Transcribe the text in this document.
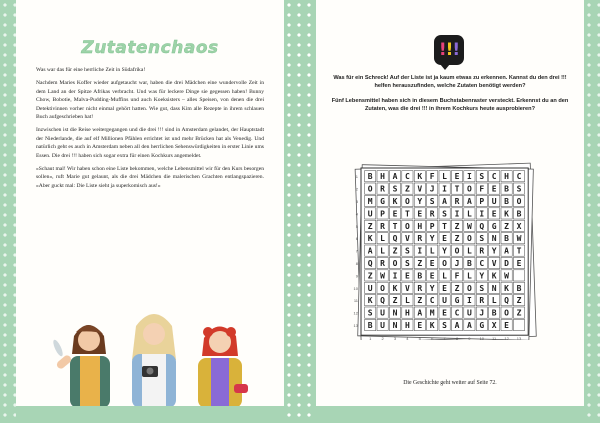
Zutatenchaos

Was war das für eine herrliche Zeit in Südafrika!

Nachdem Maries Koffer wieder aufgetaucht war, haben die drei Mädchen eine wundervolle Zeit in dem Land an der Spitze Afrikas verbracht. Und was für leckere Dinge sie gegessen haben! Bunny Chow, Bobotie, Malva-Pudding-Muffins und auch Koeksisters – alles Speisen, von denen die drei Detektivinnen vorher nicht einmal gehört hatten. Wie gut, dass Kim alle Rezepte in ihrem schlauen Buch aufgeschrieben hat!

Inzwischen ist die Reise weitergegangen und die drei !!! sind in Amsterdam gelandet, der Hauptstadt der Niederlande, die auf elf Millionen Pfählen errichtet ist und mehr Brücken hat als Venedig. Und natürlich geht es auch in Amsterdam neben all den herrlichen Sehenswürdigkeiten in erster Linie ums Essen. Die drei !!! haben sich sogar extra für einen Kochkurs angemeldet.

»Schaut mal! Wir haben schon eine Liste bekommen, welche Lebensmittel wir für den Kurs besorgen sollen«, ruft Marie gut gelaunt, als die drei Mädchen die malerischen Grachten entlangspazieren. »Aber guckt mal: Die Liste sieht ja superkomisch aus!«

!!!

Was für ein Schreck! Auf der Liste ist ja kaum etwas zu erkennen. Kannst du den drei !!! helfen herauszufinden, welche Zutaten benötigt werden?

Fünf Lebensmittel haben sich in diesem Buchstabenraster versteckt. Erkennst du an den Zutaten, was die drei !!! in ihrem Kochkurs heute ausprobieren?

B H A C K F L E I S C H C
1
O R S Z V J I T O F E B S
2
M G K O Y S A R A P U B O
3
U P E T E R S I L I E K B
4
Z R T O H P T Z W Q G Z X
5
K L Q V R Y E Z O S N B W
6
A L Z S I L Y O L R Y A T
7
Q R O S Z E O J B C V D E
8
Z W I E B E L F L Y K W
9
U O K V R Y E Z O S N K B
10
K Q Z L Z C U G I R L Q Z
11
S U N H A M E C U J B O Z
12
B U N H E K S A A G X E
13
1	2	3	4	5	6	7	8	9 10 11 12 13
Die Geschichte geht weiter auf Seite 72.
